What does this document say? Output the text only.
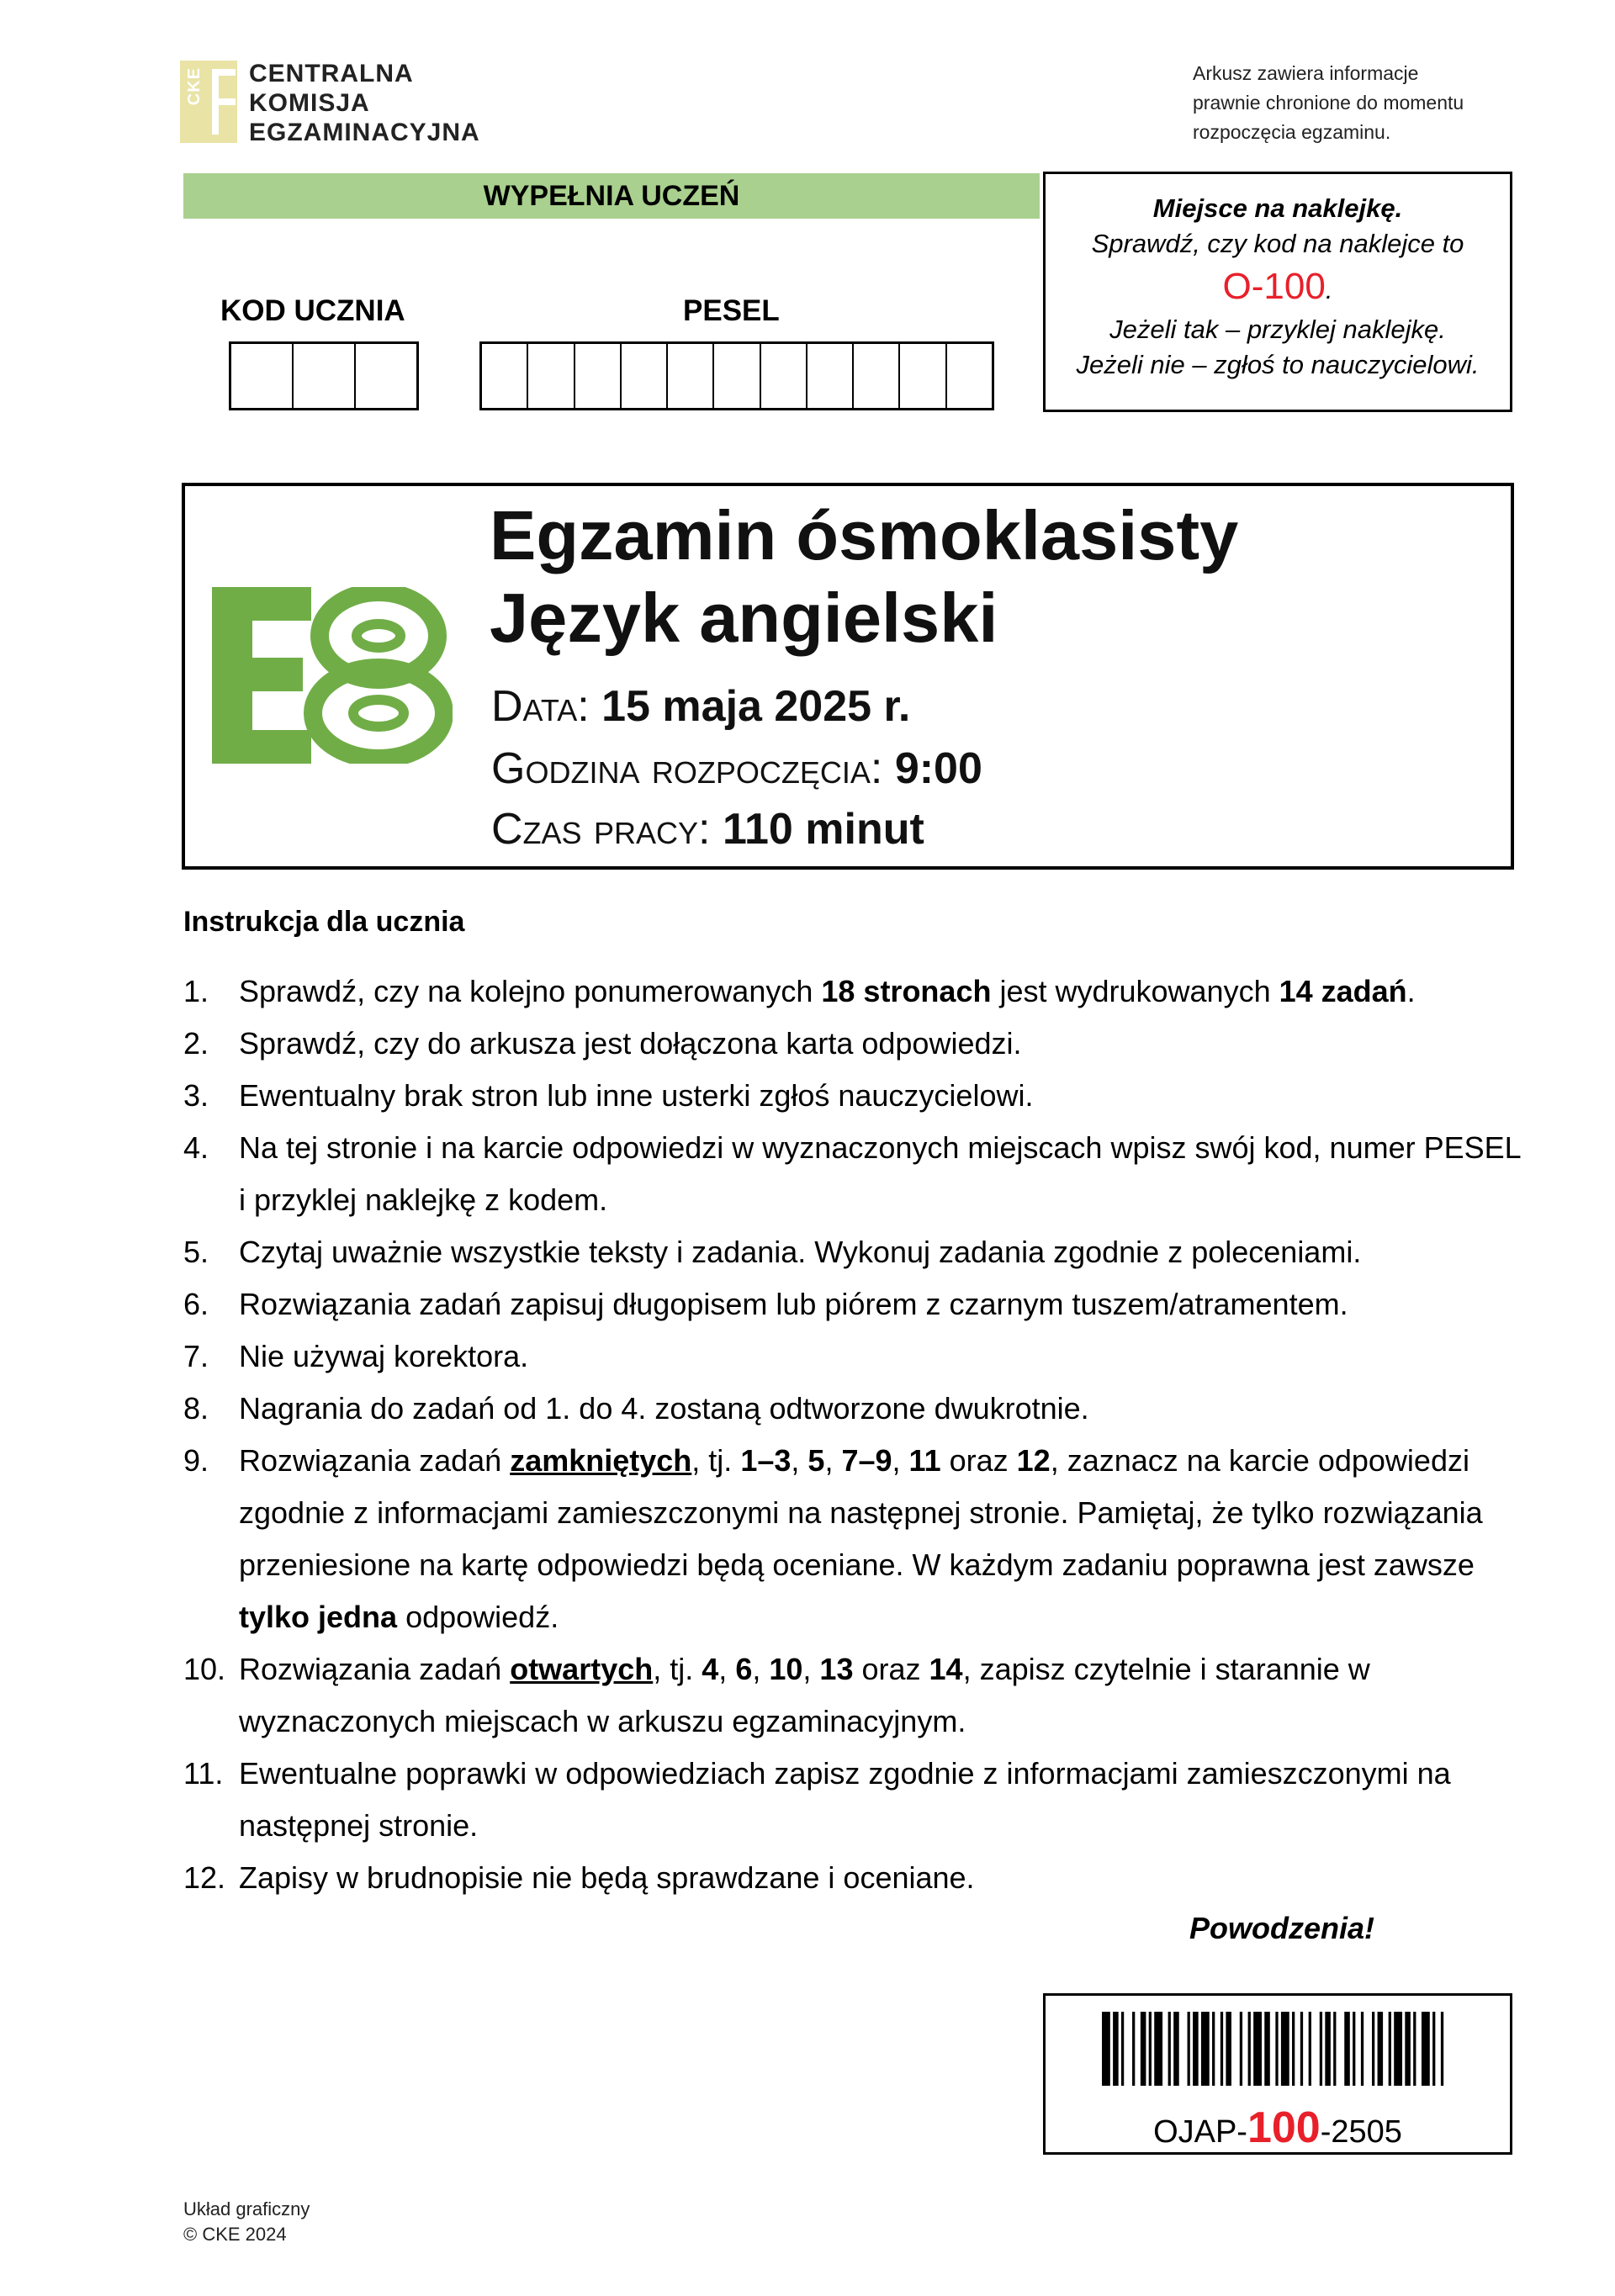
CKE CENTRALNA
KOMISJA
EGZAMINACYJNA
Arkusz zawiera informacje
prawnie chronione do momentu
rozpoczęcia egzaminu.
WYPEŁNIA UCZEŃ
KOD UCZNIA	PESEL
Miejsce na naklejkę.
Sprawdź, czy kod na naklejce to
O-100.
Jeżeli tak – przyklej naklejkę.
Jeżeli nie – zgłoś to nauczycielowi.
Egzamin ósmoklasisty
Język angielski
Data: 15 maja 2025 r.
Godzina rozpoczęcia: 9:00
Czas pracy: 110 minut
Instrukcja dla ucznia
1. Sprawdź, czy na kolejno ponumerowanych 18 stronach jest wydrukowanych 14 zadań.
2. Sprawdź, czy do arkusza jest dołączona karta odpowiedzi.
3. Ewentualny brak stron lub inne usterki zgłoś nauczycielowi.
4. Na tej stronie i na karcie odpowiedzi w wyznaczonych miejscach wpisz swój kod, numer PESEL i przyklej naklejkę z kodem.
5. Czytaj uważnie wszystkie teksty i zadania. Wykonuj zadania zgodnie z poleceniami.
6. Rozwiązania zadań zapisuj długopisem lub piórem z czarnym tuszem/atramentem.
7. Nie używaj korektora.
8. Nagrania do zadań od 1. do 4. zostaną odtworzone dwukrotnie.
9. Rozwiązania zadań zamkniętych, tj. 1–3, 5, 7–9, 11 oraz 12, zaznacz na karcie odpowiedzi zgodnie z informacjami zamieszczonymi na następnej stronie. Pamiętaj, że tylko rozwiązania przeniesione na kartę odpowiedzi będą oceniane. W każdym zadaniu poprawna jest zawsze tylko jedna odpowiedź.
10. Rozwiązania zadań otwartych, tj. 4, 6, 10, 13 oraz 14, zapisz czytelnie i starannie w wyznaczonych miejscach w arkuszu egzaminacyjnym.
11. Ewentualne poprawki w odpowiedziach zapisz zgodnie z informacjami zamieszczonymi na następnej stronie.
12. Zapisy w brudnopisie nie będą sprawdzane i oceniane.
Powodzenia!
OJAP-100-2505
Układ graficzny
© CKE 2024
